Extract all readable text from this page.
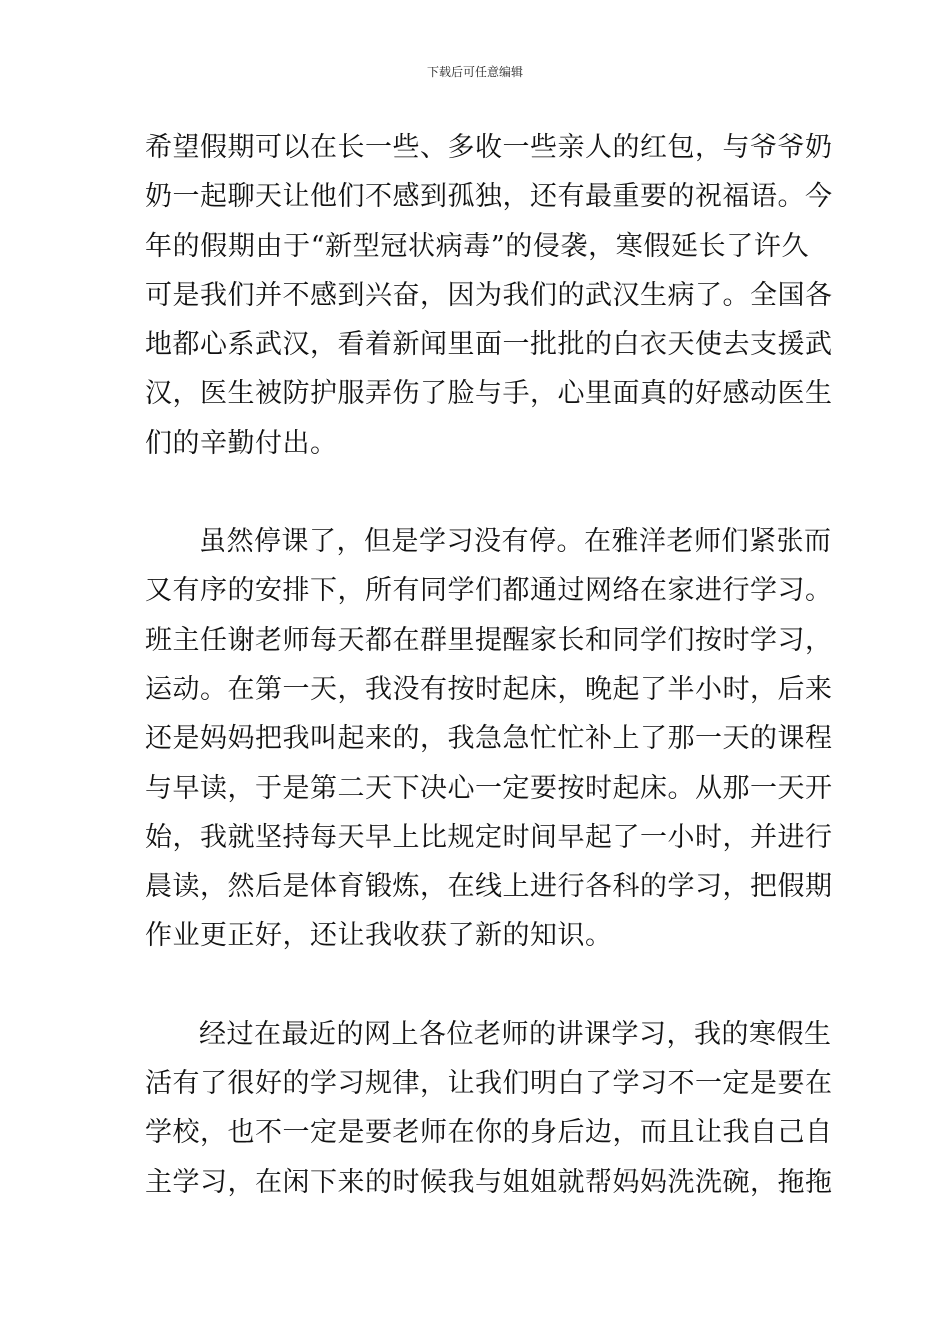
下载后可任意编辑
希望假期可以在长一些、多收一些亲人的红包，与爷爷奶
奶一起聊天让他们不感到孤独，还有最重要的祝福语。今
年的假期由于“新型冠状病毒”的侵袭，寒假延长了许久
可是我们并不感到兴奋，因为我们的武汉生病了。全国各
地都心系武汉，看着新闻里面一批批的白衣天使去支援武
汉，医生被防护服弄伤了脸与手，心里面真的好感动医生
们的辛勤付出。
虽然停课了，但是学习没有停。在雅洋老师们紧张而
又有序的安排下，所有同学们都通过网络在家进行学习。
班主任谢老师每天都在群里提醒家长和同学们按时学习，
运动。在第一天，我没有按时起床，晚起了半小时，后来
还是妈妈把我叫起来的，我急急忙忙补上了那一天的课程
与早读，于是第二天下决心一定要按时起床。从那一天开
始，我就坚持每天早上比规定时间早起了一小时，并进行
晨读，然后是体育锻炼，在线上进行各科的学习，把假期
作业更正好，还让我收获了新的知识。
经过在最近的网上各位老师的讲课学习，我的寒假生
活有了很好的学习规律，让我们明白了学习不一定是要在
学校，也不一定是要老师在你的身后边，而且让我自己自
主学习，在闲下来的时候我与姐姐就帮妈妈洗洗碗，拖拖
